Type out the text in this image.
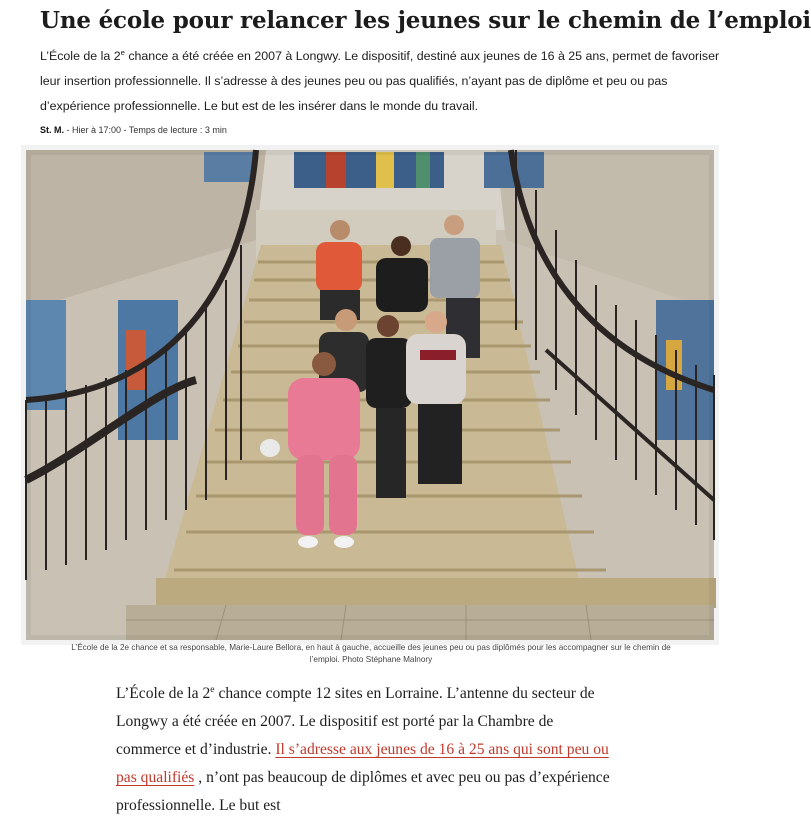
Une école pour relancer les jeunes sur le chemin de l’emploi

L’École de la 2e chance a été créée en 2007 à Longwy. Le dispositif, destiné aux jeunes de 16 à 25 ans, permet de favoriser leur insertion professionnelle. Il s’adresse à des jeunes peu ou pas qualifiés, n’ayant pas de diplôme et peu ou pas d’expérience professionnelle. Le but est de les insérer dans le monde du travail.

St. M. - Hier à 17:00 - Temps de lecture : 3 min

L’École de la 2e chance et sa responsable, Marie-Laure Bellora, en haut à gauche, accueille des jeunes peu ou pas diplômés pour les accompagner sur le chemin de
l’emploi. Photo Stéphane Malnory

L’École de la 2e chance compte 12 sites en Lorraine. L’antenne du secteur de Longwy a été créée en 2007. Le dispositif est porté par la Chambre de commerce et d’industrie. Il s’adresse aux jeunes de 16 à 25 ans qui sont peu ou pas qualifiés , n’ont pas beaucoup de diplômes et avec peu ou pas d’expérience professionnelle. Le but est
